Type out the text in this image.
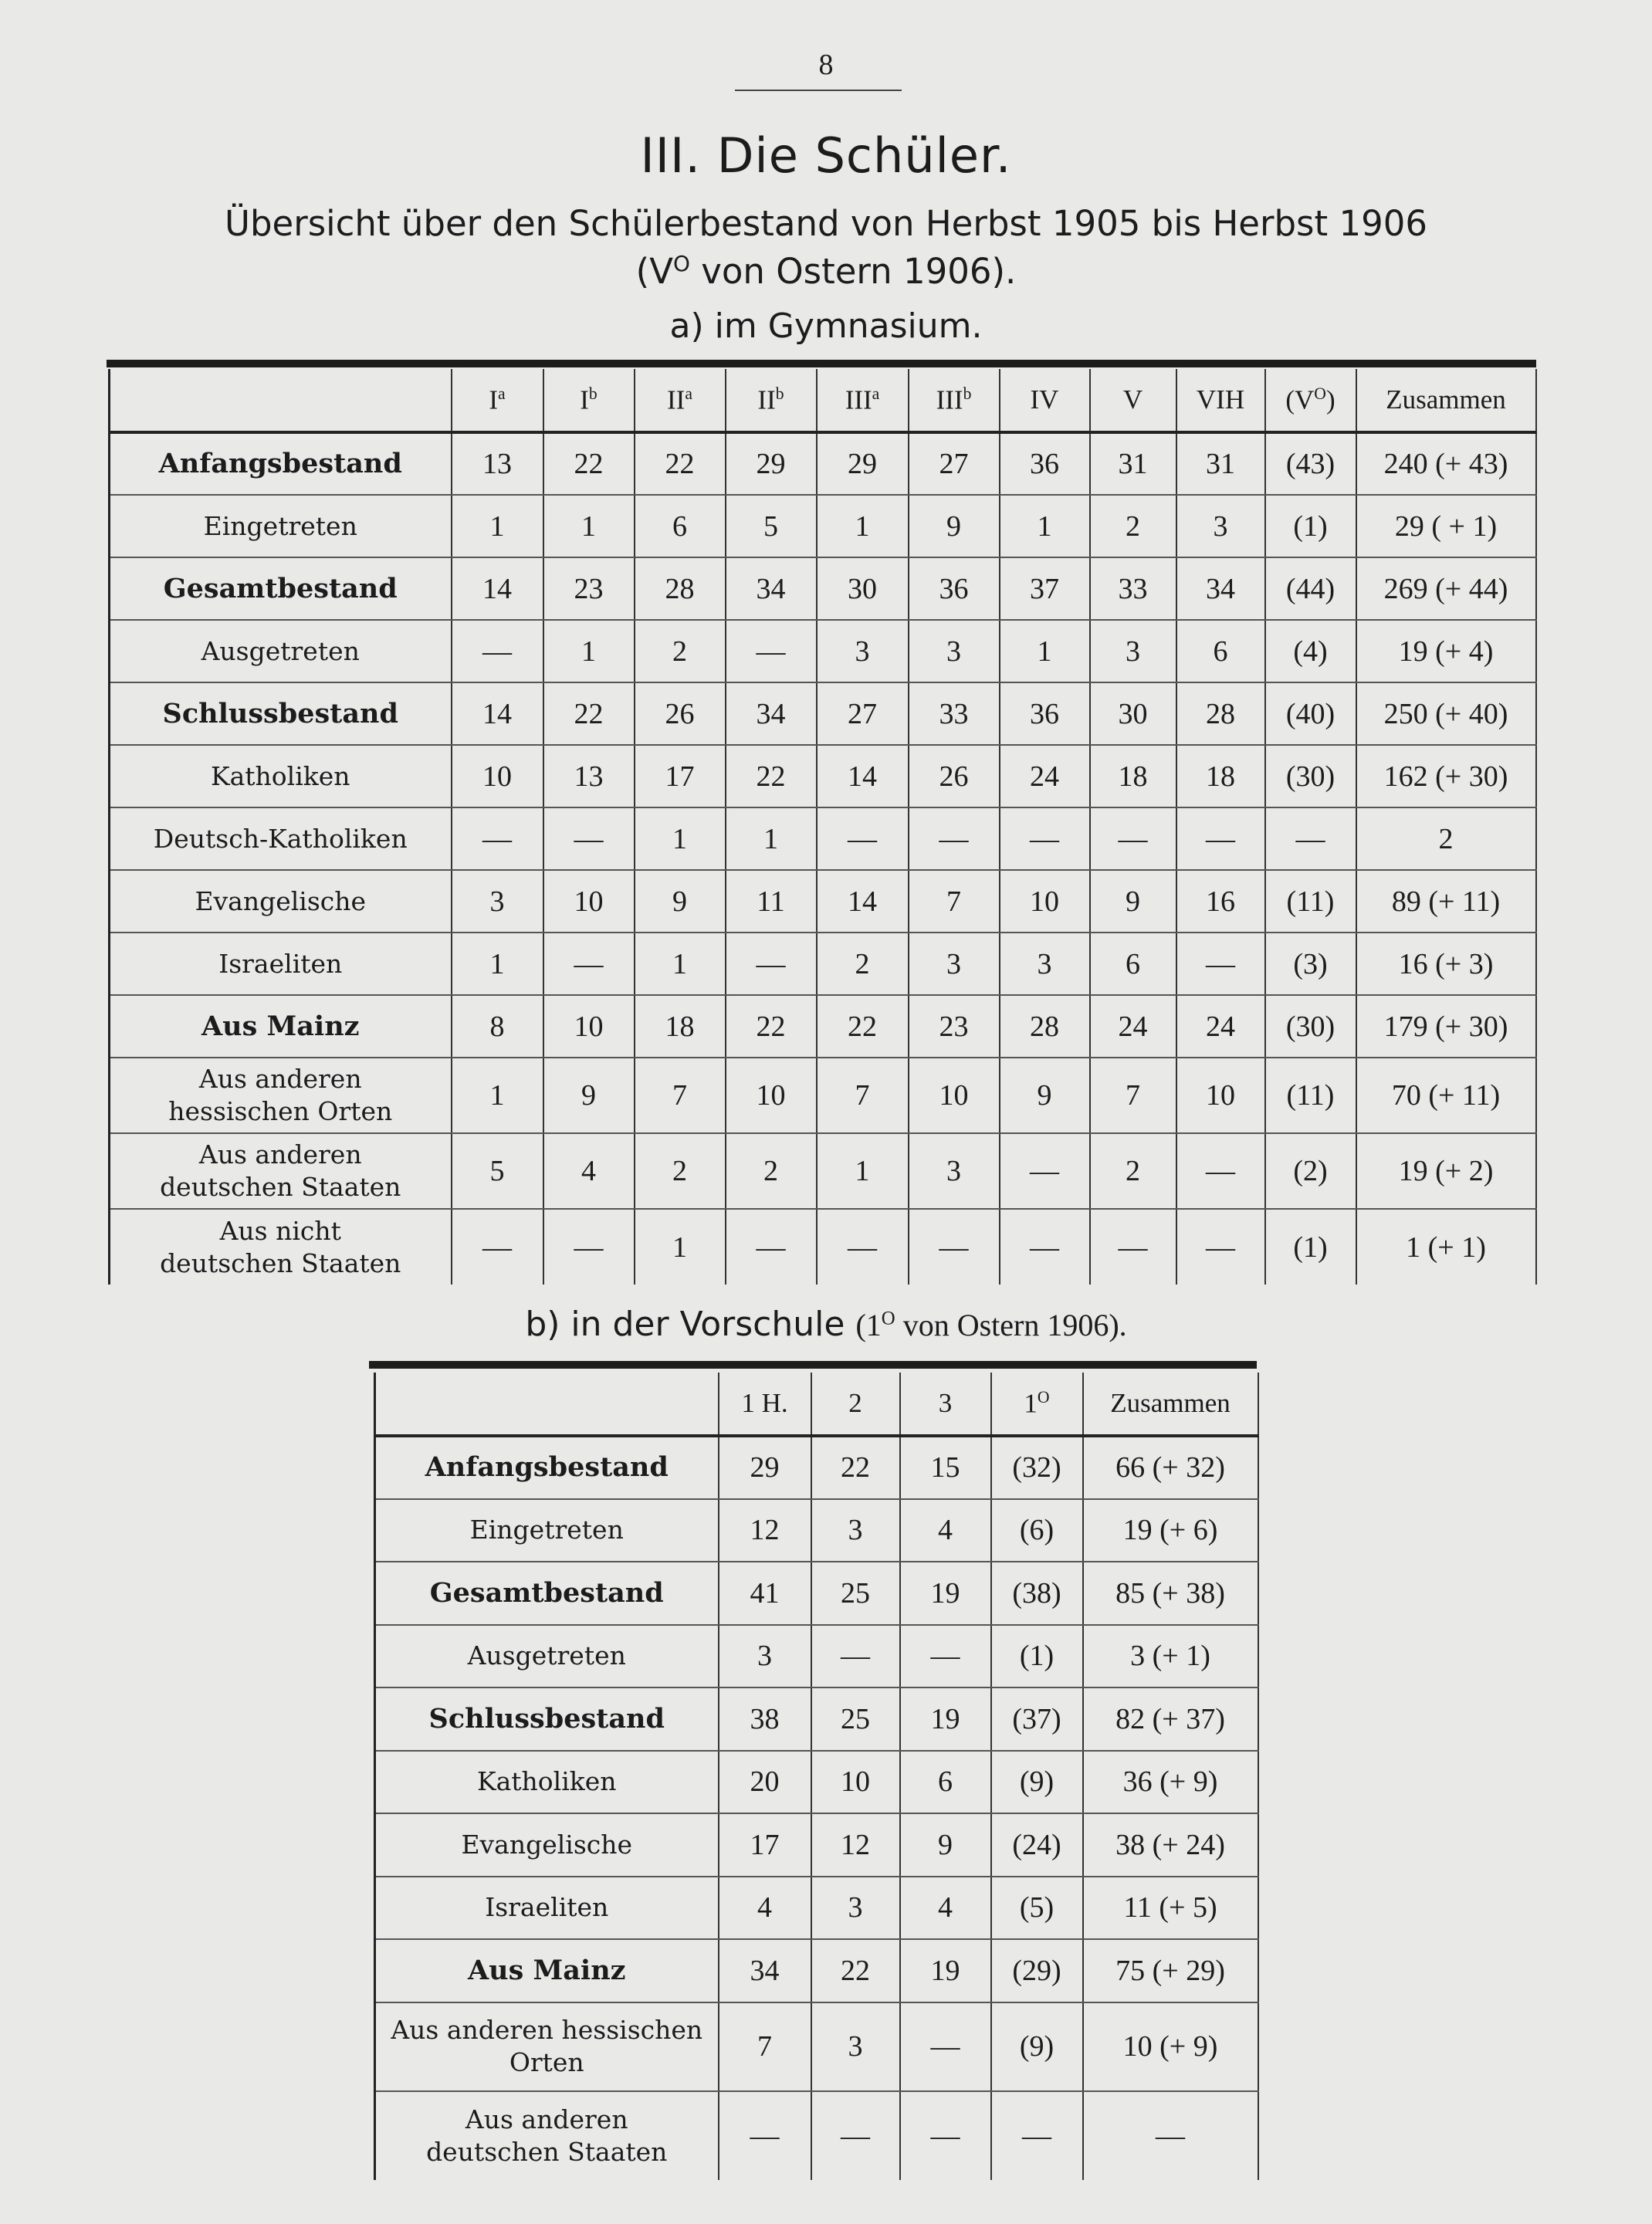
8
III. Die Schüler.
Übersicht über den Schülerbestand von Herbst 1905 bis Herbst 1906
($V^O$ von Ostern 1906).
a) im Gymnasium.
	$I^a$	$I^b$	$II^a$	$II^b$	III$^a$	III$^b$	IV	V	VIH	$(V^O)$	Zusammen
Anfangsbestand	13	22	22	29	29	27	36	31	31	(43)	240 (+ 43)
Eingetreten	1	1	6	5	1	9	1	2	3	(1)	29 ( + 1)
Gesamtbestand	14	23	28	34	30	36	37	33	34	(44)	269 (+ 44)
Ausgetreten	—	1	2	—	3	3	1	3	6	(4)	19 (+ 4)
Schlussbestand	14	22	26	34	27	33	36	30	28	(40)	250 (+ 40)
Katholiken	10	13	17	22	14	26	24	18	18	(30)	162 (+ 30)
Deutsch-Katholiken	—	—	1	1	—	—	—	—	—	—	2
Evangelische	3	10	9	11	14	7	10	9	16	(11)	89 (+ 11)
Israeliten	1	—	1	—	2	3	3	6	—	(3)	16 (+ 3)
Aus Mainz	8	10	18	22	22	23	28	24	24	(30)	179 (+ 30)
Aus anderen
hessischen Orten	1	9	7	10	7	10	9	7	10	(11)	70 (+ 11)
Aus anderen
deutschen Staaten	5	4	2	2	1	3	—	2	—	(2)	19 (+ 2)
Aus nicht
deutschen Staaten	—	—	1	—	—	—	—	—	—	(1)	1 (+ 1)
b) in der Vorschule ($1^O$ von Ostern 1906).
	1 H.	2	3	$1^O$	Zusammen
Anfangsbestand	29	22	15	(32)	66 (+ 32)
Eingetreten	12	3	4	(6)	19 (+ 6)
Gesamtbestand	41	25	19	(38)	85 (+ 38)
Ausgetreten	3	—	—	(1)	3 (+ 1)
Schlussbestand	38	25	19	(37)	82 (+ 37)
Katholiken	20	10	6	(9)	36 (+ 9)
Evangelische	17	12	9	(24)	38 (+ 24)
Israeliten	4	3	4	(5)	11 (+ 5)
Aus Mainz	34	22	19	(29)	75 (+ 29)
Aus anderen hessischen
Orten	7	3	—	(9)	10 (+ 9)
Aus anderen
deutschen Staaten	—	—	—	—	—
